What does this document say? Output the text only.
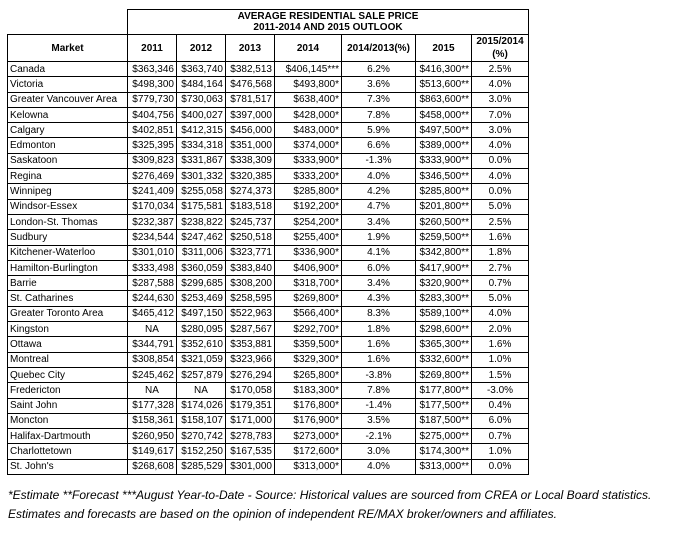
	AVERAGE RESIDENTIAL SALE PRICE
2011-2014 AND 2015 OUTLOOK						

Market	2011	2012	2013	2014	2014/2013(%)	2015	2015/2014
(%)

Canada	$363,346	$363,740	$382,513	$406,145***	6.2%	$416,300**	2.5%
Victoria	$498,300	$484,164	$476,568	$493,800*	3.6%	$513,600**	4.0%
Greater Vancouver Area	$779,730	$730,063	$781,517	$638,400*	7.3%	$863,600**	3.0%
Kelowna	$404,756	$400,027	$397,000	$428,000*	7.8%	$458,000**	7.0%
Calgary	$402,851	$412,315	$456,000	$483,000*	5.9%	$497,500**	3.0%
Edmonton	$325,395	$334,318	$351,000	$374,000*	6.6%	$389,000**	4.0%
Saskatoon	$309,823	$331,867	$338,309	$333,900*	-1.3%	$333,900**	0.0%
Regina	$276,469	$301,332	$320,385	$333,200*	4.0%	$346,500**	4.0%
Winnipeg	$241,409	$255,058	$274,373	$285,800*	4.2%	$285,800**	0.0%
Windsor-Essex	$170,034	$175,581	$183,518	$192,200*	4.7%	$201,800**	5.0%
London-St. Thomas	$232,387	$238,822	$245,737	$254,200*	3.4%	$260,500**	2.5%
Sudbury	$234,544	$247,462	$250,518	$255,400*	1.9%	$259,500**	1.6%
Kitchener-Waterloo	$301,010	$311,006	$323,771	$336,900*	4.1%	$342,800**	1.8%
Hamilton-Burlington	$333,498	$360,059	$383,840	$406,900*	6.0%	$417,900**	2.7%
Barrie	$287,588	$299,685	$308,200	$318,700*	3.4%	$320,900**	0.7%
St. Catharines	$244,630	$253,469	$258,595	$269,800*	4.3%	$283,300**	5.0%
Greater Toronto Area	$465,412	$497,150	$522,963	$566,400*	8.3%	$589,100**	4.0%
Kingston	NA	$280,095	$287,567	$292,700*	1.8%	$298,600**	2.0%
Ottawa	$344,791	$352,610	$353,881	$359,500*	1.6%	$365,300**	1.6%
Montreal	$308,854	$321,059	$323,966	$329,300*	1.6%	$332,600**	1.0%
Quebec City	$245,462	$257,879	$276,294	$265,800*	-3.8%	$269,800**	1.5%
Fredericton	NA	NA	$170,058	$183,300*	7.8%	$177,800**	-3.0%
Saint John	$177,328	$174,026	$179,351	$176,800*	-1.4%	$177,500**	0.4%
Moncton	$158,361	$158,107	$171,000	$176,900*	3.5%	$187,500**	6.0%
Halifax-Dartmouth	$260,950	$270,742	$278,783	$273,000*	-2.1%	$275,000**	0.7%
Charlottetown	$149,617	$152,250	$167,535	$172,600*	3.0%	$174,300**	1.0%
St. John's	$268,608	$285,529	$301,000	$313,000*	4.0%	$313,000**	0.0%
*Estimate **Forecast ***August Year-to-Date - Source: Historical values are sourced from CREA or Local Board statistics. Estimates and forecasts are based on the opinion of independent RE/MAX broker/owners and affiliates.
